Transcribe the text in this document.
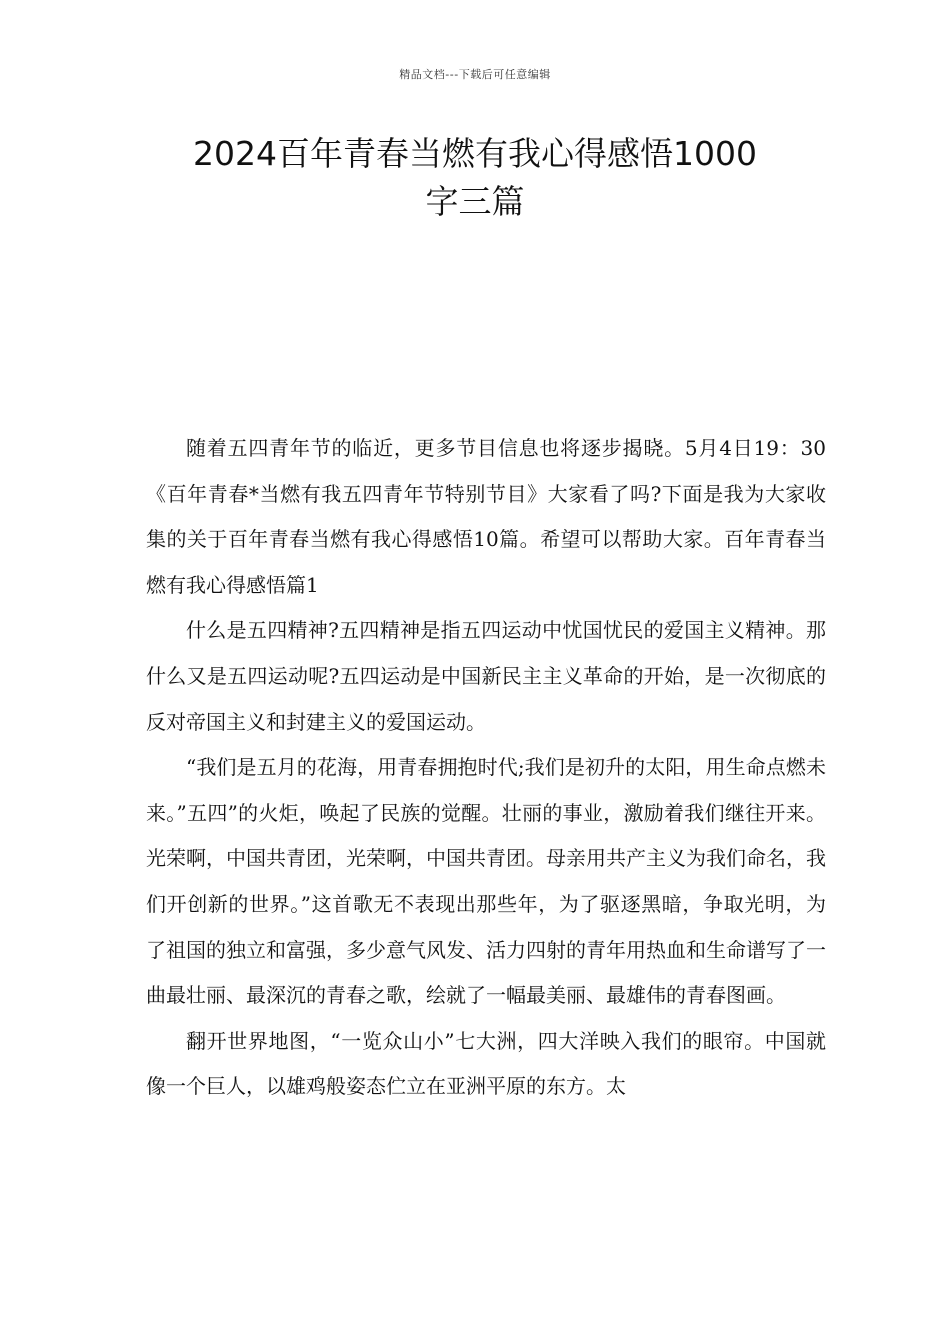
精品文档---下载后可任意编辑
2024百年青春当燃有我心得感悟1000
字三篇

随着五四青年节的临近，更多节目信息也将逐步揭晓。5月4日19：30《百年青春*当燃有我五四青年节特别节目》大家看了吗?下面是我为大家收集的关于百年青春当燃有我心得感悟10篇。希望可以帮助大家。百年青春当燃有我心得感悟篇1

什么是五四精神?五四精神是指五四运动中忧国忧民的爱国主义精神。那什么又是五四运动呢?五四运动是中国新民主主义革命的开始，是一次彻底的反对帝国主义和封建主义的爱国运动。

“我们是五月的花海，用青春拥抱时代;我们是初升的太阳，用生命点燃未来。”五四”的火炬，唤起了民族的觉醒。壮丽的事业，激励着我们继往开来。光荣啊，中国共青团，光荣啊，中国共青团。母亲用共产主义为我们命名，我们开创新的世界。”这首歌无不表现出那些年，为了驱逐黑暗，争取光明，为了祖国的独立和富强，多少意气风发、活力四射的青年用热血和生命谱写了一曲最壮丽、最深沉的青春之歌，绘就了一幅最美丽、最雄伟的青春图画。

翻开世界地图，“一览众山小”七大洲，四大洋映入我们的眼帘。中国就像一个巨人，以雄鸡般姿态伫立在亚洲平原的东方。太
